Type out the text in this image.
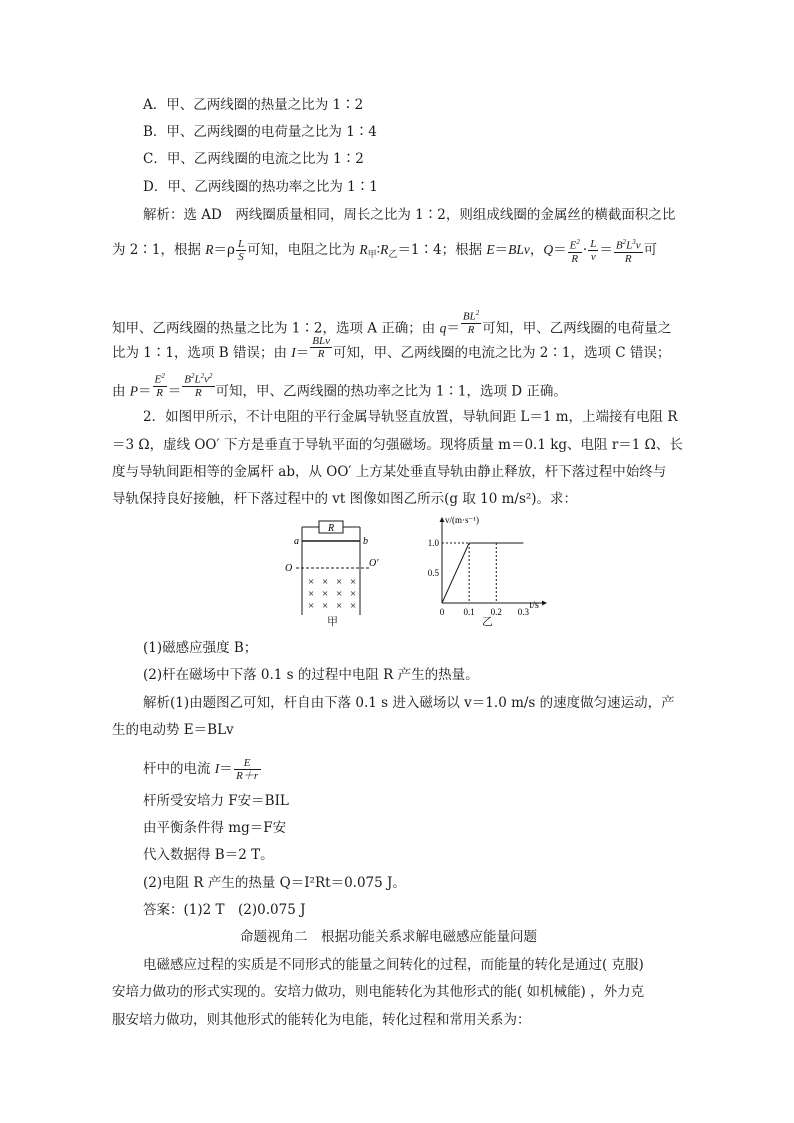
A．甲、乙两线圈的热量之比为 1∶2
B．甲、乙两线圈的电荷量之比为 1∶4
C．甲、乙两线圈的电流之比为 1∶2
D．甲、乙两线圈的热功率之比为 1∶1
解析：选 AD　两线圈质量相同，周长之比为 1∶2，则组成线圈的金属丝的横截面积之比
为 2∶1，根据 $R=\rho \frac{L}{S}$ 可知，电阻之比为 $R_甲∶R_乙=1∶4$；根据 E＝BLv，$Q= \frac{E^2}{R} \cdot \frac{L}{v} = \frac{B^2L^3v}{R}$ 可
知甲、乙两线圈的热量之比为 1∶2，选项 A 正确；由 $q= \frac{BL^2}{R}$ 可知，甲、乙两线圈的电荷量之
比为 1∶1，选项 B 错误；由 $I= \frac{\text{BLv}}{R}$ 可知，甲、乙两线圈的电流之比为 2∶1，选项 C 错误；
由 $P= \frac{E^2}{R} = \frac{B^2L^2v^2}{R}$ 可知，甲、乙两线圈的热功率之比为 1∶1，选项 D 正确。
2．如图甲所示，不计电阻的平行金属导轨竖直放置，导轨间距 L＝1 m，上端接有电阻 R
＝3 Ω，虚线 OO′ 下方是垂直于导轨平面的匀强磁场。现将质量 m＝0.1 kg、电阻 r＝1 Ω、长
度与导轨间距相等的金属杆 ab，从 OO′ 上方某处垂直导轨由静止释放，杆下落过程中始终与
导轨保持良好接触，杆下落过程中的 vt 图像如图乙所示(g 取 10 m/s²)。求：
R
a	b
O	O′
× × × ×
× × × ×
× × × ×
甲
v/(m·s⁻¹)
t/s
0 0.1 0.2 0.3
0.5
1.0
乙
(1)磁感应强度 B；
(2)杆在磁场中下落 0.1 s 的过程中电阻 R 产生的热量。
解析(1)由题图乙可知，杆自由下落 0.1 s 进入磁场以 v＝1.0 m/s 的速度做匀速运动，产
生的电动势 E＝BLv
杆中的电流 $I= \frac{E}{R+r}$
杆所受安培力 F安＝BIL
由平衡条件得 mg＝F安
代入数据得 B＝2 T。
(2)电阻 R 产生的热量 Q＝I²Rt＝0.075 J。
答案：(1)2 T　(2)0.075 J
命题视角二　根据功能关系求解电磁感应能量问题
电磁感应过程的实质是不同形式的能量之间转化的过程，而能量的转化是通过( 克服)
安培力做功的形式实现的。安培力做功，则电能转化为其他形式的能( 如机械能) ，外力克
服安培力做功，则其他形式的能转化为电能，转化过程和常用关系为：
